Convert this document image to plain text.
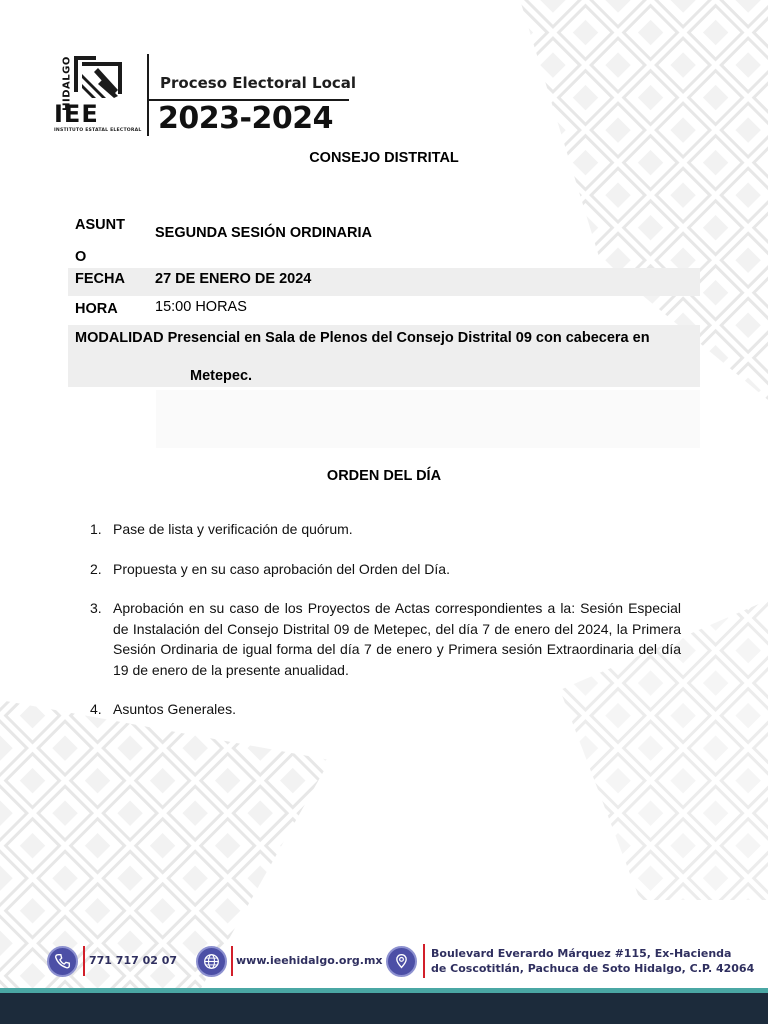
HIDALGO
IEE
INSTITUTO ESTATAL ELECTORAL
Proceso Electoral Local
2023-2024
CONSEJO DISTRITAL
ASUNT
O
SEGUNDA SESIÓN ORDINARIA
FECHA 27 DE ENERO DE 2024
HORA	15:00 HORAS
MODALIDAD Presencial en Sala de Plenos del Consejo Distrital 09 con cabecera en
Metepec.
ORDEN DEL DÍA
1. Pase de lista y verificación de quórum.
2. Propuesta y en su caso aprobación del Orden del Día.
3. Aprobación en su caso de los Proyectos de Actas correspondientes a la: Sesión Especial de Instalación del Consejo Distrital 09 de Metepec, del día 7 de enero del 2024, la Primera Sesión Ordinaria de igual forma del día 7 de enero y Primera sesión Extraordinaria del día 19 de enero de la presente anualidad.
4. Asuntos Generales.
771 717 02 07	www.ieehidalgo.org.mx
Boulevard Everardo Márquez #115, Ex-Hacienda
de Coscotitlán, Pachuca de Soto Hidalgo, C.P. 42064
